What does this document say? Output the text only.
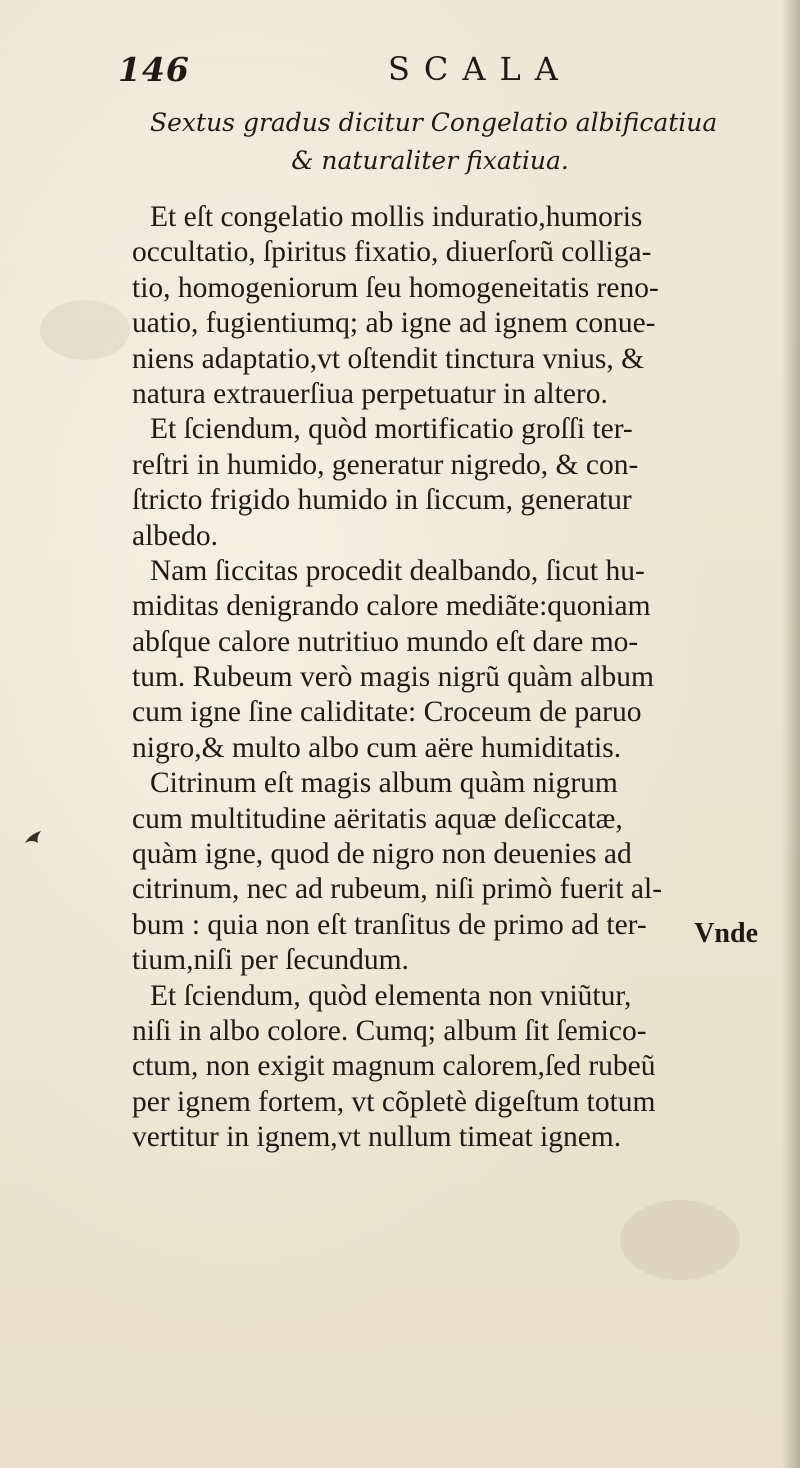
146	SCALA
Sextus gradus dicitur Congelatio albificatiua
& naturaliter fixatiua.
Et eſt congelatio mollis induratio,humoris
occultatio, ſpiritus fixatio, diuerſorũ colliga-
tio, homogeniorum ſeu homogeneitatis reno-
uatio, fugientiumq; ab igne ad ignem conue-
niens adaptatio,vt oſtendit tinctura vnius, &
natura extrauerſiua perpetuatur in altero.
Et ſciendum, quòd mortificatio groſſi ter-
reſtri in humido, generatur nigredo, & con-
ſtricto frigido humido in ſiccum, generatur
albedo.
Nam ſiccitas procedit dealbando, ſicut hu-
miditas denigrando calore mediãte:quoniam
abſque calore nutritiuo mundo eſt dare mo-
tum. Rubeum verò magis nigrũ quàm album
cum igne ſine caliditate: Croceum de paruo
nigro,& multo albo cum aëre humiditatis.
Citrinum eſt magis album quàm nigrum
cum multitudine aëritatis aquæ deſiccatæ,
quàm igne, quod de nigro non deuenies ad
citrinum, nec ad rubeum, niſi primò fuerit al-
bum : quia non eſt tranſitus de primo ad ter-
tium,niſi per ſecundum.
Et ſciendum, quòd elementa non vniũtur,
niſi in albo colore. Cumq; album ſit ſemico-
ctum, non exigit magnum calorem,ſed rubeũ
per ignem fortem, vt cõpletè digeſtum totum
vertitur in ignem,vt nullum timeat ignem.
Vnde
